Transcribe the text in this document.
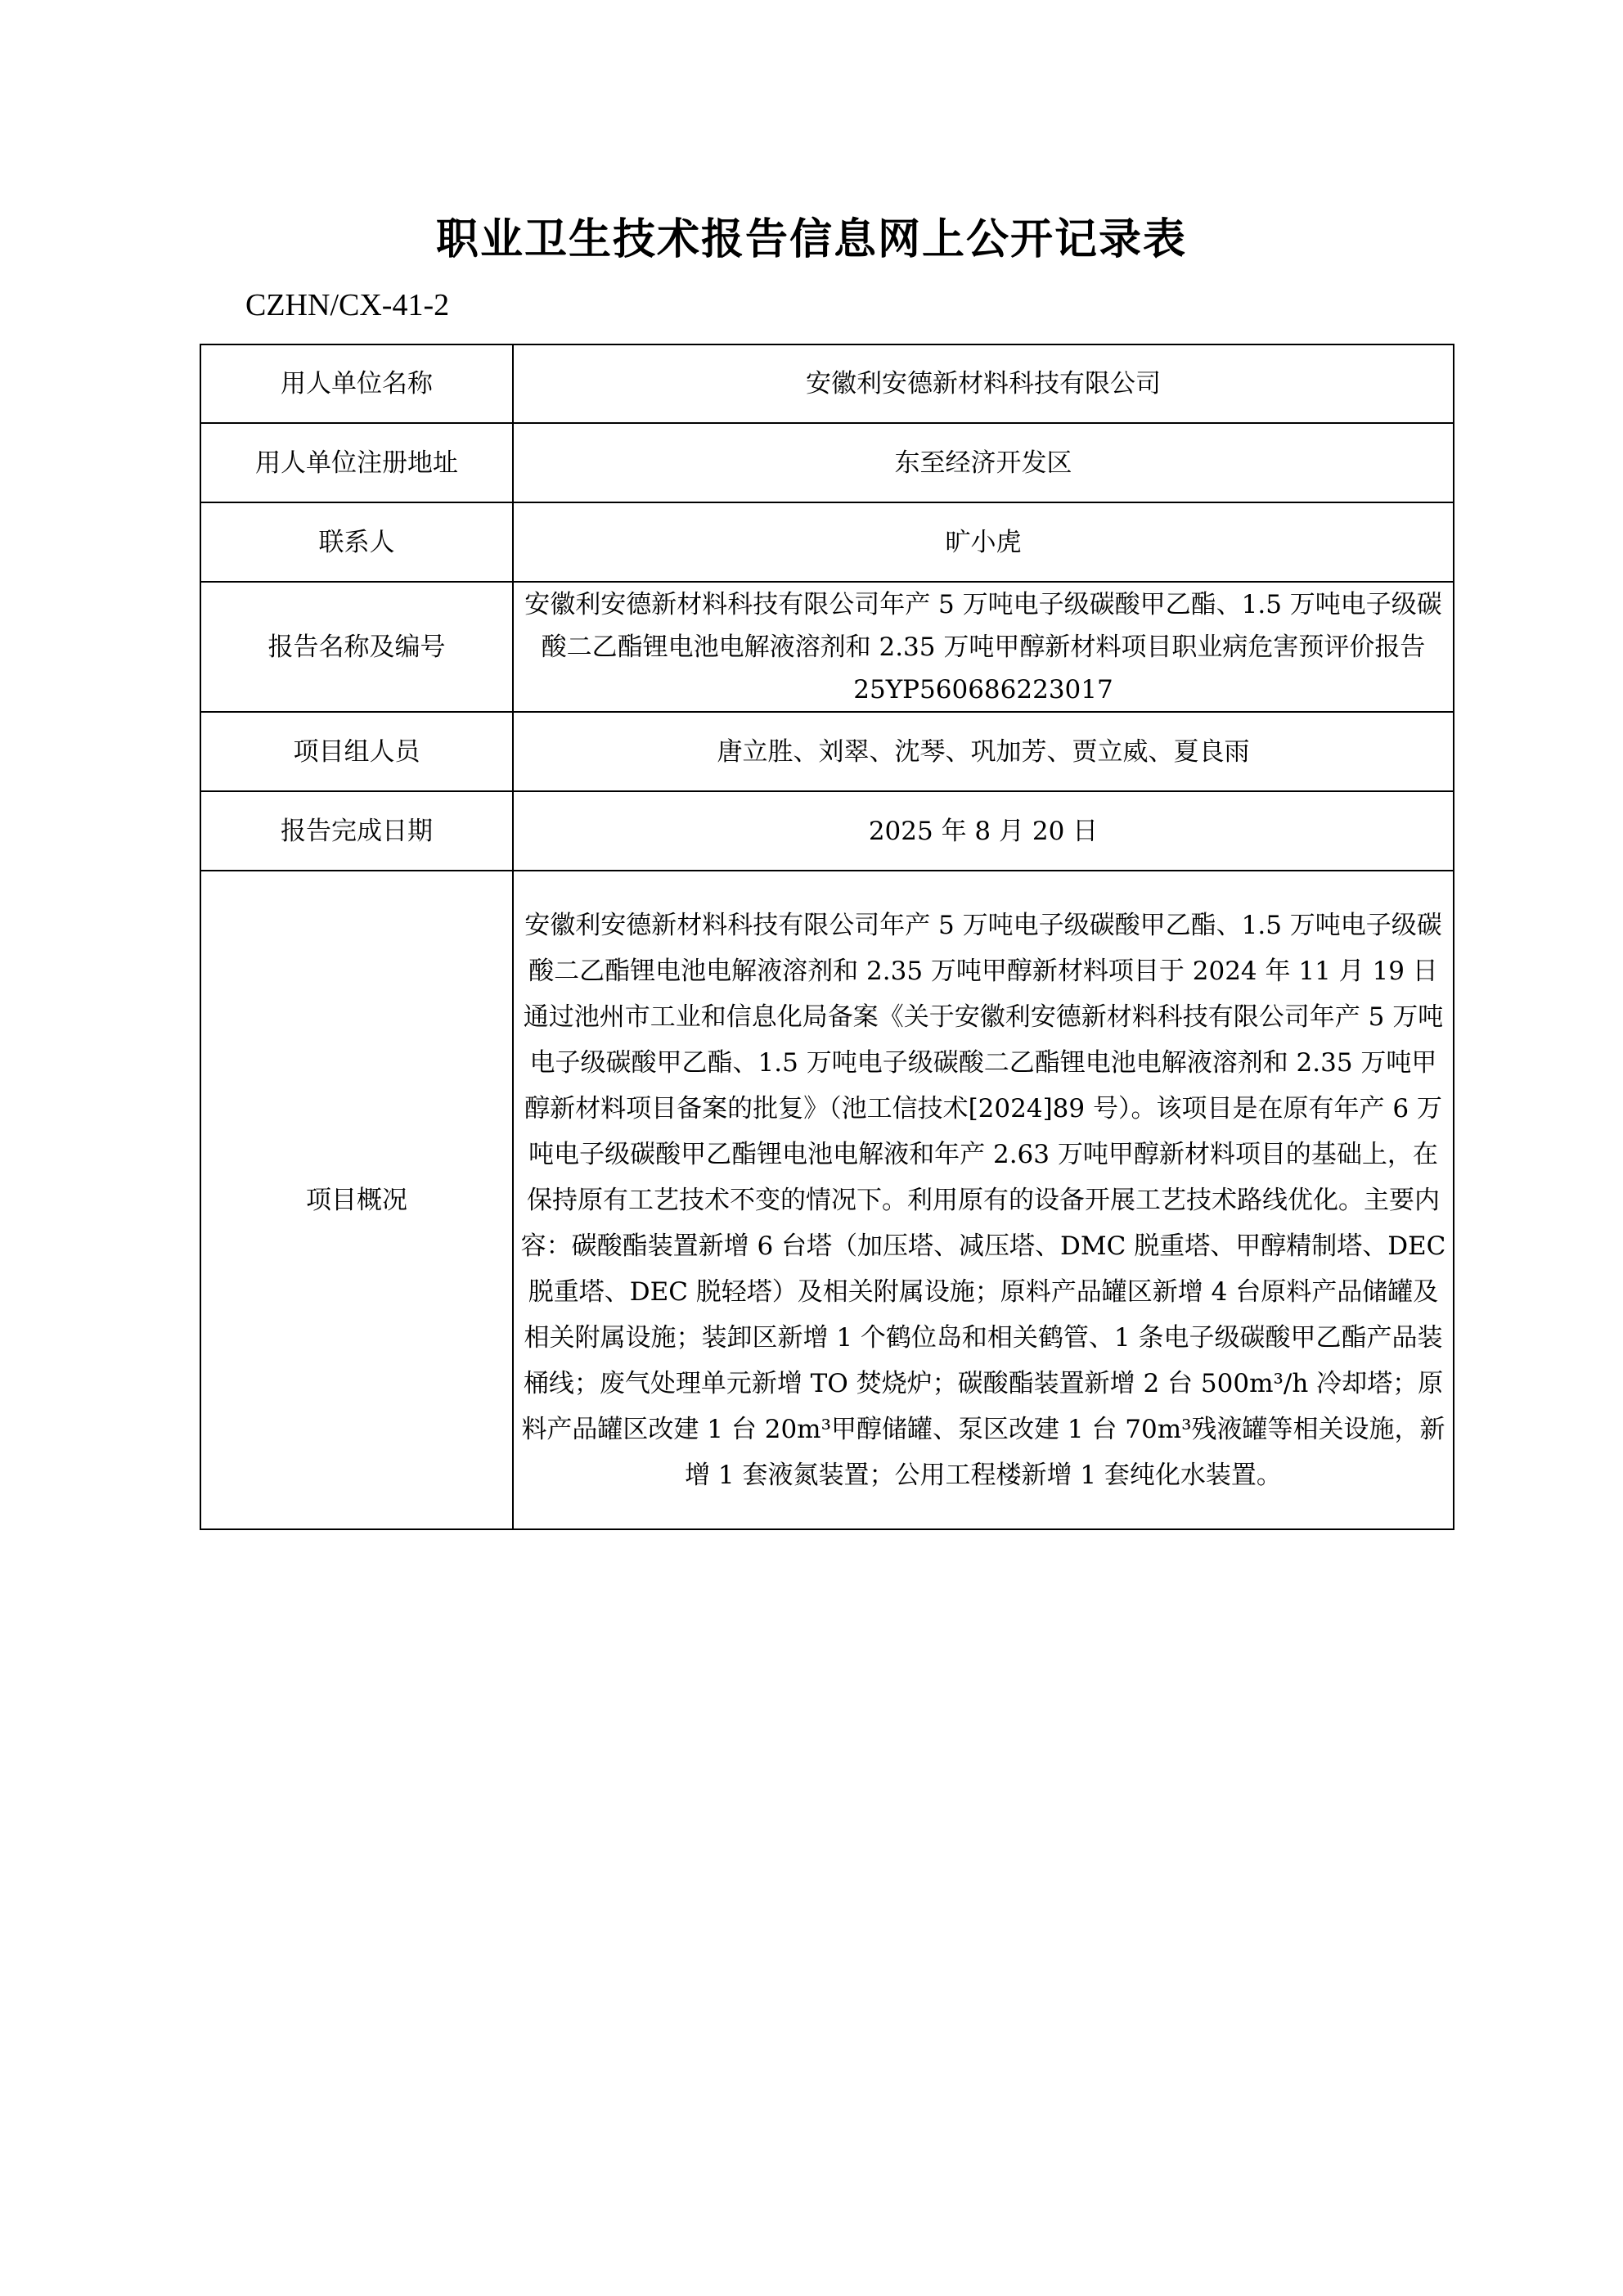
职业卫生技术报告信息网上公开记录表
CZHN/CX-41-2
用人单位名称	安徽利安德新材料科技有限公司
用人单位注册地址	东至经济开发区
联系人	旷小虎
报告名称及编号	安徽利安德新材料科技有限公司年产 5 万吨电子级碳酸甲乙酯、1.5 万吨电子级碳酸二乙酯锂电池电解液溶剂和 2.35 万吨甲醇新材料项目职业病危害预评价报告 25YP560686223017
项目组人员	唐立胜、刘翠、沈琴、巩加芳、贾立威、夏良雨
报告完成日期	2025 年 8 月 20 日
项目概况	安徽利安德新材料科技有限公司年产 5 万吨电子级碳酸甲乙酯、1.5 万吨电子级碳酸二乙酯锂电池电解液溶剂和 2.35 万吨甲醇新材料项目于 2024 年 11 月 19 日通过池州市工业和信息化局备案《关于安徽利安德新材料科技有限公司年产 5 万吨电子级碳酸甲乙酯、1.5 万吨电子级碳酸二乙酯锂电池电解液溶剂和 2.35 万吨甲醇新材料项目备案的批复》（池工信技术[2024]89 号）。该项目是在原有年产 6 万吨电子级碳酸甲乙酯锂电池电解液和年产 2.63 万吨甲醇新材料项目的基础上，在保持原有工艺技术不变的情况下。利用原有的设备开展工艺技术路线优化。主要内容：碳酸酯装置新增 6 台塔（加压塔、减压塔、DMC 脱重塔、甲醇精制塔、DEC 脱重塔、DEC 脱轻塔）及相关附属设施；原料产品罐区新增 4 台原料产品储罐及相关附属设施；装卸区新增 1 个鹤位岛和相关鹤管、1 条电子级碳酸甲乙酯产品装桶线；废气处理单元新增 TO 焚烧炉；碳酸酯装置新增 2 台 500m³/h 冷却塔；原料产品罐区改建 1 台 20m³甲醇储罐、泵区改建 1 台 70m³残液罐等相关设施，新增 1 套液氮装置；公用工程楼新增 1 套纯化水装置。
